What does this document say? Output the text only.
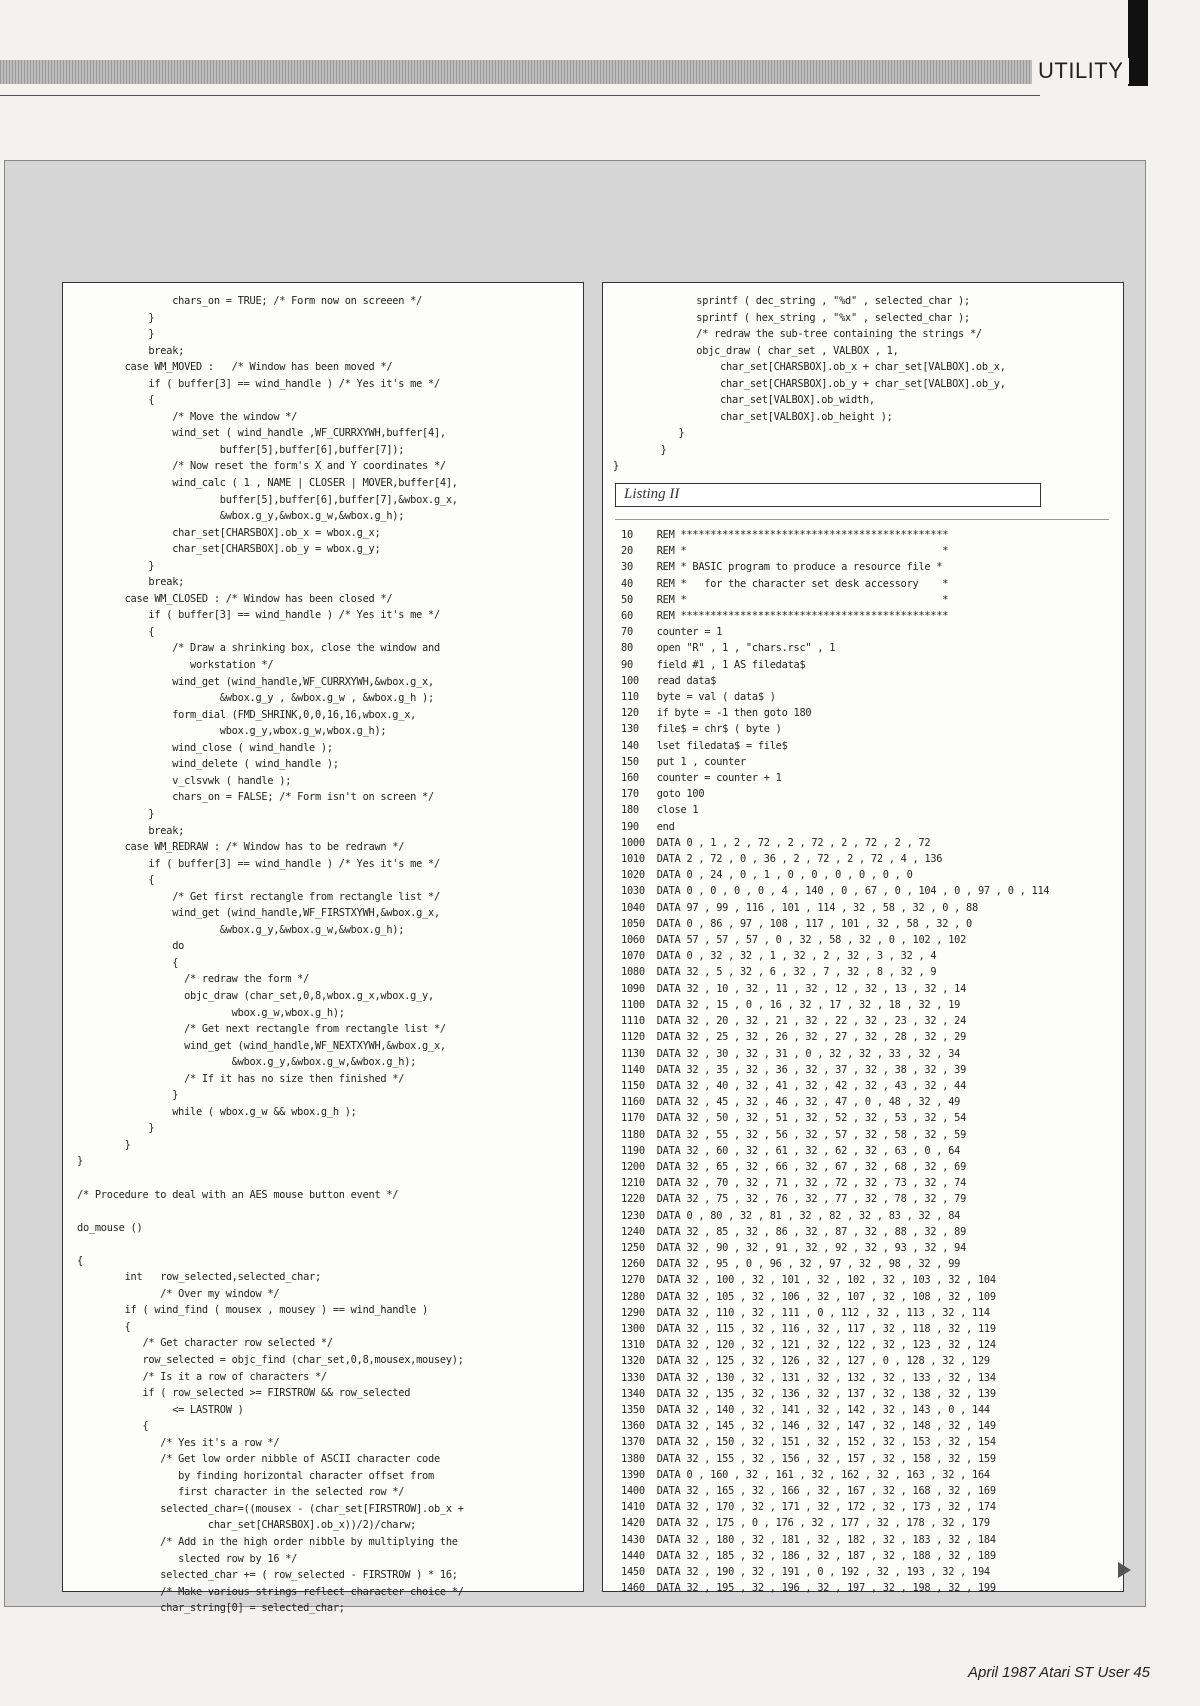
UTILITY
chars_on = TRUE; /* Form now on screeen */
}
}
break;
case WM_MOVED :   /* Window has been moved */
if ( buffer[3] == wind_handle ) /* Yes it's me */
{
/* Move the window */
wind_set ( wind_handle ,WF_CURRXYWH,buffer[4],
buffer[5],buffer[6],buffer[7]);
/* Now reset the form's X and Y coordinates */
wind_calc ( 1 , NAME | CLOSER | MOVER,buffer[4],
buffer[5],buffer[6],buffer[7],&wbox.g_x,
&wbox.g_y,&wbox.g_w,&wbox.g_h);
char_set[CHARSBOX].ob_x = wbox.g_x;
char_set[CHARSBOX].ob_y = wbox.g_y;
}
break;
case WM_CLOSED : /* Window has been closed */
if ( buffer[3] == wind_handle ) /* Yes it's me */
{
/* Draw a shrinking box, close the window and
workstation */
wind_get (wind_handle,WF_CURRXYWH,&wbox.g_x,
&wbox.g_y , &wbox.g_w , &wbox.g_h );
form_dial (FMD_SHRINK,0,0,16,16,wbox.g_x,
wbox.g_y,wbox.g_w,wbox.g_h);
wind_close ( wind_handle );
wind_delete ( wind_handle );
v_clsvwk ( handle );
chars_on = FALSE; /* Form isn't on screen */
}
break;
case WM_REDRAW : /* Window has to be redrawn */
if ( buffer[3] == wind_handle ) /* Yes it's me */
{
/* Get first rectangle from rectangle list */
wind_get (wind_handle,WF_FIRSTXYWH,&wbox.g_x,
&wbox.g_y,&wbox.g_w,&wbox.g_h);
do
{
/* redraw the form */
objc_draw (char_set,0,8,wbox.g_x,wbox.g_y,
wbox.g_w,wbox.g_h);
/* Get next rectangle from rectangle list */
wind_get (wind_handle,WF_NEXTXYWH,&wbox.g_x,
&wbox.g_y,&wbox.g_w,&wbox.g_h);
/* If it has no size then finished */
}
while ( wbox.g_w && wbox.g_h );
}
}
}

/* Procedure to deal with an AES mouse button event */

do_mouse ()

{
int   row_selected,selected_char;
/* Over my window */
if ( wind_find ( mousex , mousey ) == wind_handle )
{
/* Get character row selected */
row_selected = objc_find (char_set,0,8,mousex,mousey);
/* Is it a row of characters */
if ( row_selected >= FIRSTROW && row_selected
<= LASTROW )
{
/* Yes it's a row */
/* Get low order nibble of ASCII character code
by finding horizontal character offset from
first character in the selected row */
selected_char=((mousex - (char_set[FIRSTROW].ob_x +
char_set[CHARSBOX].ob_x))/2)/charw;
/* Add in the high order nibble by multiplying the
slected row by 16 */
selected_char += ( row_selected - FIRSTROW ) * 16;
/* Make various strings reflect character choice */
char_string[0] = selected_char;
sprintf ( dec_string , "%d" , selected_char );
sprintf ( hex_string , "%x" , selected_char );
/* redraw the sub-tree containing the strings */
objc_draw ( char_set , VALBOX , 1,
char_set[CHARSBOX].ob_x + char_set[VALBOX].ob_x,
char_set[CHARSBOX].ob_y + char_set[VALBOX].ob_y,
char_set[VALBOX].ob_width,
char_set[VALBOX].ob_height );
}
}
}
Listing II
10    REM *********************************************
20    REM *                                           *
30    REM * BASIC program to produce a resource file *
40    REM *   for the character set desk accessory    *
50    REM *                                           *
60    REM *********************************************
70    counter = 1
80    open "R" , 1 , "chars.rsc" , 1
90    field #1 , 1 AS filedata$
100   read data$
110   byte = val ( data$ )
120   if byte = -1 then goto 180
130   file$ = chr$ ( byte )
140   lset filedata$ = file$
150   put 1 , counter
160   counter = counter + 1
170   goto 100
180   close 1
190   end
1000  DATA 0 , 1 , 2 , 72 , 2 , 72 , 2 , 72 , 2 , 72
1010  DATA 2 , 72 , 0 , 36 , 2 , 72 , 2 , 72 , 4 , 136
1020  DATA 0 , 24 , 0 , 1 , 0 , 0 , 0 , 0 , 0 , 0
1030  DATA 0 , 0 , 0 , 0 , 4 , 140 , 0 , 67 , 0 , 104 , 0 , 97 , 0 , 114
1040  DATA 97 , 99 , 116 , 101 , 114 , 32 , 58 , 32 , 0 , 88
1050  DATA 0 , 86 , 97 , 108 , 117 , 101 , 32 , 58 , 32 , 0
1060  DATA 57 , 57 , 57 , 0 , 32 , 58 , 32 , 0 , 102 , 102
1070  DATA 0 , 32 , 32 , 1 , 32 , 2 , 32 , 3 , 32 , 4
1080  DATA 32 , 5 , 32 , 6 , 32 , 7 , 32 , 8 , 32 , 9
1090  DATA 32 , 10 , 32 , 11 , 32 , 12 , 32 , 13 , 32 , 14
1100  DATA 32 , 15 , 0 , 16 , 32 , 17 , 32 , 18 , 32 , 19
1110  DATA 32 , 20 , 32 , 21 , 32 , 22 , 32 , 23 , 32 , 24
1120  DATA 32 , 25 , 32 , 26 , 32 , 27 , 32 , 28 , 32 , 29
1130  DATA 32 , 30 , 32 , 31 , 0 , 32 , 32 , 33 , 32 , 34
1140  DATA 32 , 35 , 32 , 36 , 32 , 37 , 32 , 38 , 32 , 39
1150  DATA 32 , 40 , 32 , 41 , 32 , 42 , 32 , 43 , 32 , 44
1160  DATA 32 , 45 , 32 , 46 , 32 , 47 , 0 , 48 , 32 , 49
1170  DATA 32 , 50 , 32 , 51 , 32 , 52 , 32 , 53 , 32 , 54
1180  DATA 32 , 55 , 32 , 56 , 32 , 57 , 32 , 58 , 32 , 59
1190  DATA 32 , 60 , 32 , 61 , 32 , 62 , 32 , 63 , 0 , 64
1200  DATA 32 , 65 , 32 , 66 , 32 , 67 , 32 , 68 , 32 , 69
1210  DATA 32 , 70 , 32 , 71 , 32 , 72 , 32 , 73 , 32 , 74
1220  DATA 32 , 75 , 32 , 76 , 32 , 77 , 32 , 78 , 32 , 79
1230  DATA 0 , 80 , 32 , 81 , 32 , 82 , 32 , 83 , 32 , 84
1240  DATA 32 , 85 , 32 , 86 , 32 , 87 , 32 , 88 , 32 , 89
1250  DATA 32 , 90 , 32 , 91 , 32 , 92 , 32 , 93 , 32 , 94
1260  DATA 32 , 95 , 0 , 96 , 32 , 97 , 32 , 98 , 32 , 99
1270  DATA 32 , 100 , 32 , 101 , 32 , 102 , 32 , 103 , 32 , 104
1280  DATA 32 , 105 , 32 , 106 , 32 , 107 , 32 , 108 , 32 , 109
1290  DATA 32 , 110 , 32 , 111 , 0 , 112 , 32 , 113 , 32 , 114
1300  DATA 32 , 115 , 32 , 116 , 32 , 117 , 32 , 118 , 32 , 119
1310  DATA 32 , 120 , 32 , 121 , 32 , 122 , 32 , 123 , 32 , 124
1320  DATA 32 , 125 , 32 , 126 , 32 , 127 , 0 , 128 , 32 , 129
1330  DATA 32 , 130 , 32 , 131 , 32 , 132 , 32 , 133 , 32 , 134
1340  DATA 32 , 135 , 32 , 136 , 32 , 137 , 32 , 138 , 32 , 139
1350  DATA 32 , 140 , 32 , 141 , 32 , 142 , 32 , 143 , 0 , 144
1360  DATA 32 , 145 , 32 , 146 , 32 , 147 , 32 , 148 , 32 , 149
1370  DATA 32 , 150 , 32 , 151 , 32 , 152 , 32 , 153 , 32 , 154
1380  DATA 32 , 155 , 32 , 156 , 32 , 157 , 32 , 158 , 32 , 159
1390  DATA 0 , 160 , 32 , 161 , 32 , 162 , 32 , 163 , 32 , 164
1400  DATA 32 , 165 , 32 , 166 , 32 , 167 , 32 , 168 , 32 , 169
1410  DATA 32 , 170 , 32 , 171 , 32 , 172 , 32 , 173 , 32 , 174
1420  DATA 32 , 175 , 0 , 176 , 32 , 177 , 32 , 178 , 32 , 179
1430  DATA 32 , 180 , 32 , 181 , 32 , 182 , 32 , 183 , 32 , 184
1440  DATA 32 , 185 , 32 , 186 , 32 , 187 , 32 , 188 , 32 , 189
1450  DATA 32 , 190 , 32 , 191 , 0 , 192 , 32 , 193 , 32 , 194
1460  DATA 32 , 195 , 32 , 196 , 32 , 197 , 32 , 198 , 32 , 199
April 1987 Atari ST User 45
